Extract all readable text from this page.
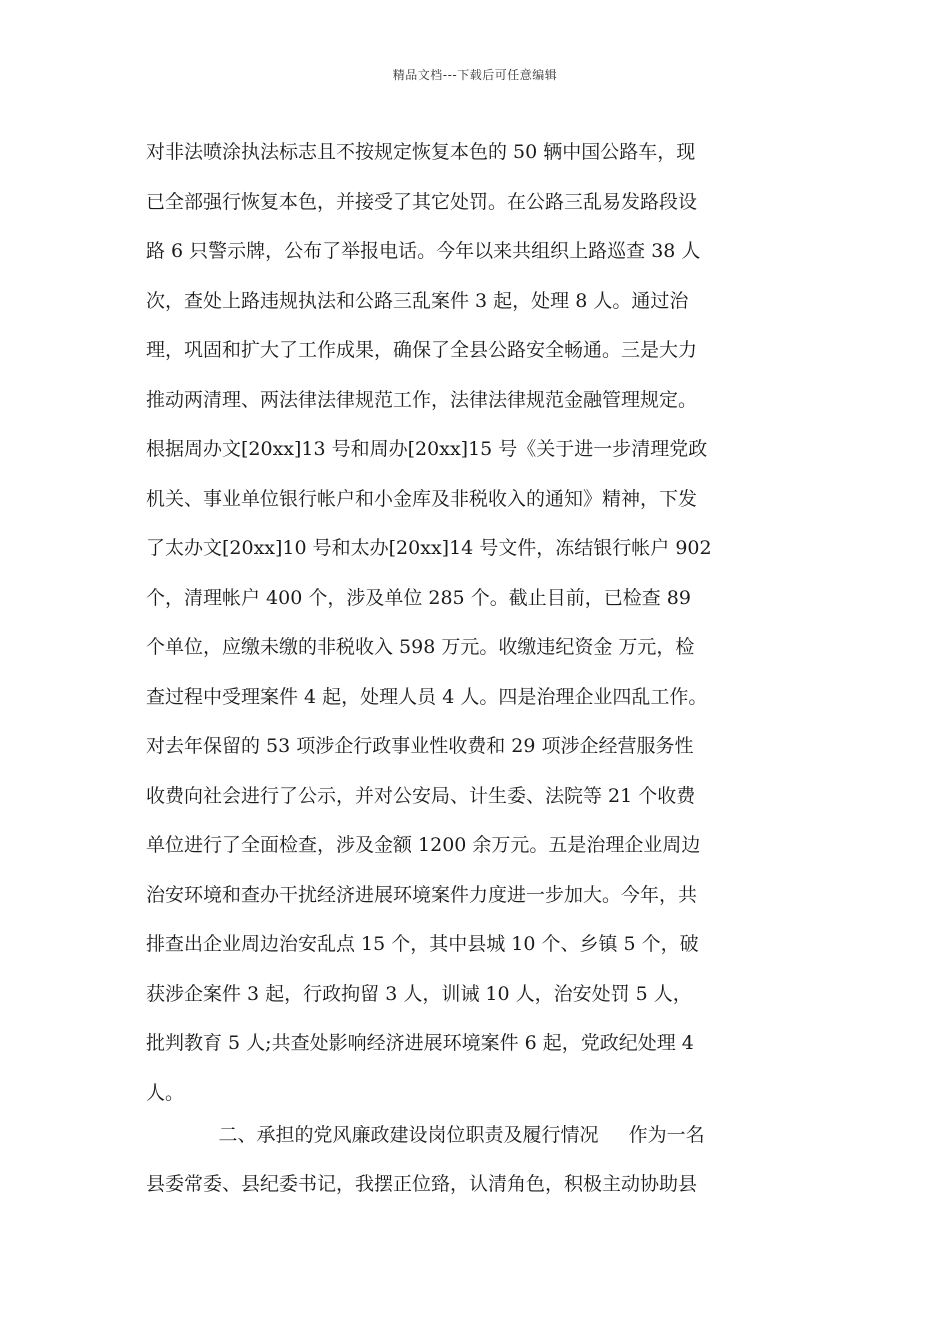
精品文档---下载后可任意编辑
对非法喷涂执法标志且不按规定恢复本色的 50 辆中国公路车，现
已全部强行恢复本色，并接受了其它处罚。在公路三乱易发路段设
路 6 只警示牌，公布了举报电话。今年以来共组织上路巡查 38 人
次，查处上路违规执法和公路三乱案件 3 起，处理 8 人。通过治
理，巩固和扩大了工作成果，确保了全县公路安全畅通。三是大力
推动两清理、两法律法律规范工作，法律法律规范金融管理规定。
根据周办文[20xx]13 号和周办[20xx]15 号《关于进一步清理党政
机关、事业单位银行帐户和小金库及非税收入的通知》精神，下发
了太办文[20xx]10 号和太办[20xx]14 号文件，冻结银行帐户 902
个，清理帐户 400 个，涉及单位 285 个。截止目前，已检查 89
个单位，应缴未缴的非税收入 598 万元。收缴违纪资金 万元，检
查过程中受理案件 4 起，处理人员 4 人。四是治理企业四乱工作。
对去年保留的 53 项涉企行政事业性收费和 29 项涉企经营服务性
收费向社会进行了公示，并对公安局、计生委、法院等 21 个收费
单位进行了全面检查，涉及金额 1200 余万元。五是治理企业周边
治安环境和查办干扰经济进展环境案件力度进一步加大。今年，共
排查出企业周边治安乱点 15 个，其中县城 10 个、乡镇 5 个，破
获涉企案件 3 起，行政拘留 3 人，训诫 10 人，治安处罚 5 人，
批判教育 5 人;共查处影响经济进展环境案件 6 起，党政纪处理 4
人。
二、承担的党风廉政建设岗位职责及履行情况     作为一名
县委常委、县纪委书记，我摆正位臵，认清角色，积极主动协助县
